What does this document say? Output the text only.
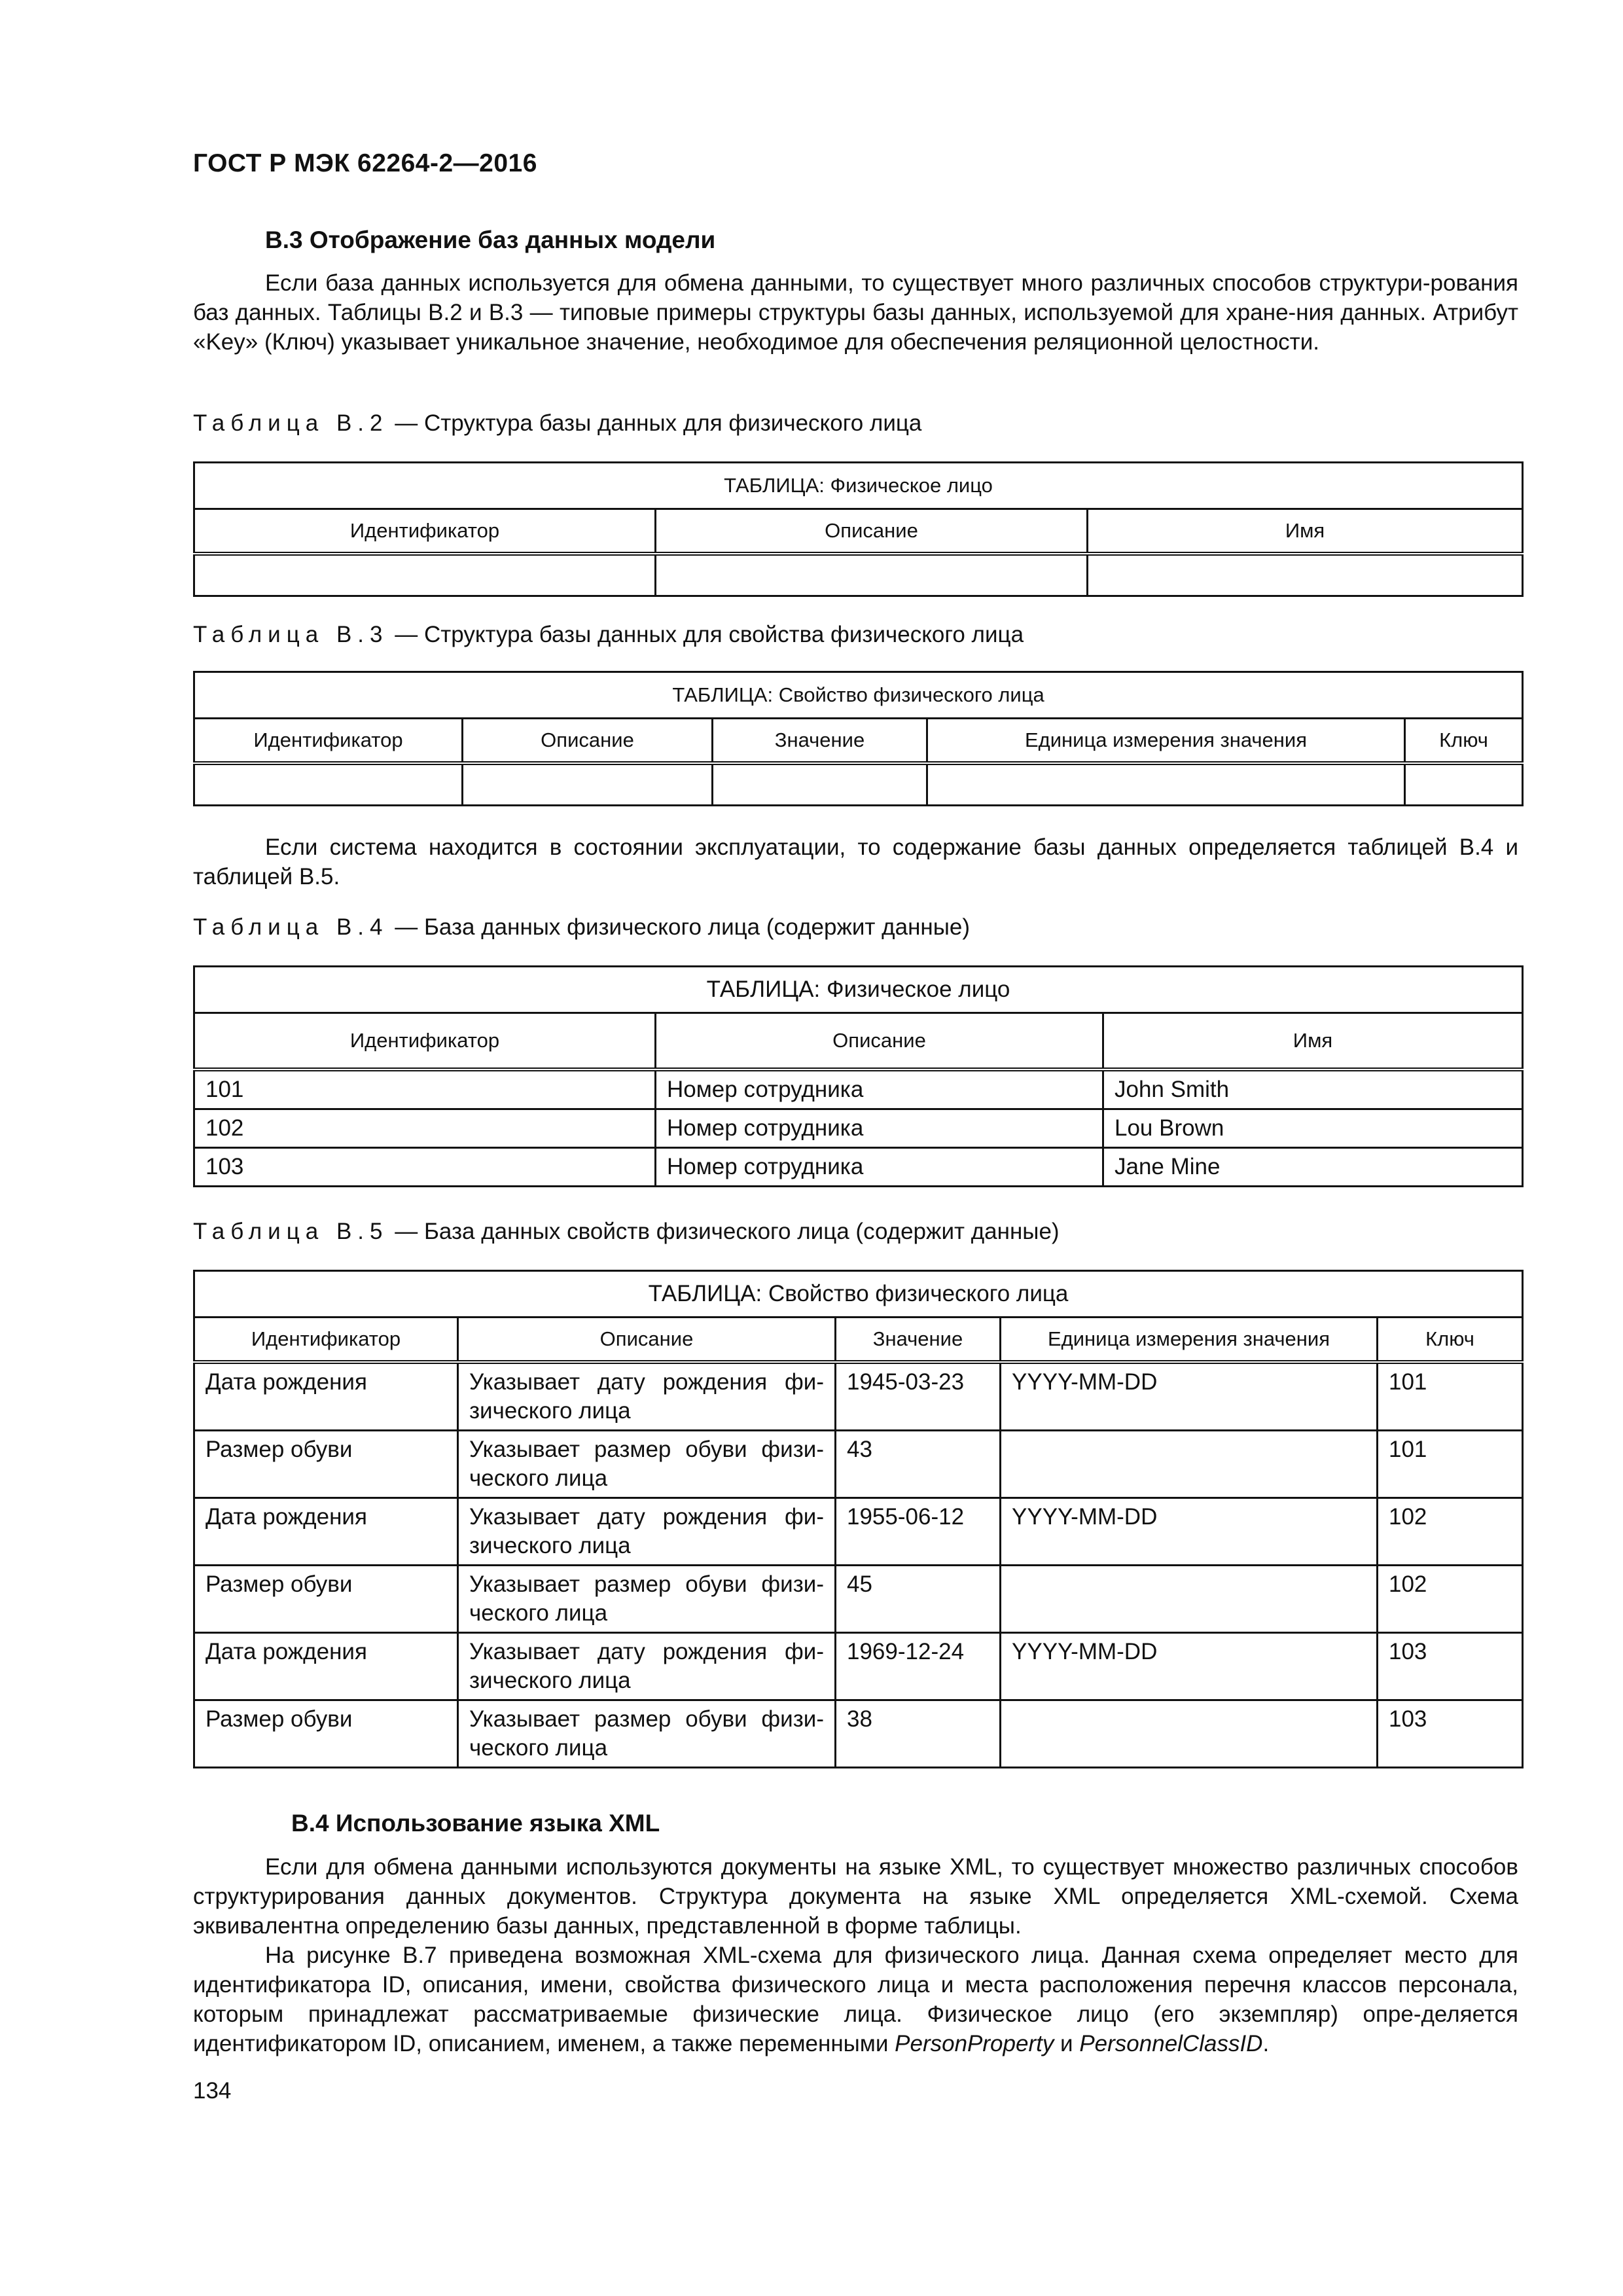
ГОСТ Р МЭК 62264-2—2016
В.3 Отображение баз данных модели

Если база данных используется для обмена данными, то существует много различных способов структури-рования баз данных. Таблицы В.2 и В.3 — типовые примеры структуры базы данных, используемой для хране-ния данных. Атрибут «Key» (Ключ) указывает уникальное значение, необходимое для обеспечения реляционной целостности.

Таблица В.2 — Структура базы данных для физического лица
ТАБЛИЦА: Физическое лицо		
Идентификатор	Описание	Имя

Таблица В.3 — Структура базы данных для свойства физического лица
ТАБЛИЦА: Свойство физического лица				
Идентификатор	Описание	Значение	Единица измерения значения	Ключ

Если система находится в состоянии эксплуатации, то содержание базы данных определяется таблицей В.4 и таблицей В.5.

Таблица В.4 — База данных физического лица (содержит данные)
ТАБЛИЦА: Физическое лицо		
Идентификатор	Описание	Имя
101	Номер сотрудника	John Smith
102	Номер сотрудника	Lou Brown
103	Номер сотрудника	Jane Mine
Таблица В.5 — База данных свойств физического лица (содержит данные)
ТАБЛИЦА: Свойство физического лица				
Идентификатор	Описание	Значение	Единица измерения значения	Ключ
Дата рождения	Указывает дату рождения фи-зического лица	1945-03-23	YYYY-MM-DD	101
Размер обуви	Указывает размер обуви физи-ческого лица	43		101
Дата рождения	Указывает дату рождения фи-зического лица	1955-06-12	YYYY-MM-DD	102
Размер обуви	Указывает размер обуви физи-ческого лица	45		102
Дата рождения	Указывает дату рождения фи-зического лица	1969-12-24	YYYY-MM-DD	103
Размер обуви	Указывает размер обуви физи-ческого лица	38		103
В.4 Использование языка XML

Если для обмена данными используются документы на языке XML, то существует множество различных способов структурирования данных документов. Структура документа на языке XML определяется XML-схемой. Схема эквивалентна определению базы данных, представленной в форме таблицы.

На рисунке В.7 приведена возможная XML-схема для физического лица. Данная схема определяет место для идентификатора ID, описания, имени, свойства физического лица и места расположения перечня классов персонала, которым принадлежат рассматриваемые физические лица. Физическое лицо (его экземпляр) опре-деляется идентификатором ID, описанием, именем, а также переменными PersonProperty и PersonnelClassID.

134
